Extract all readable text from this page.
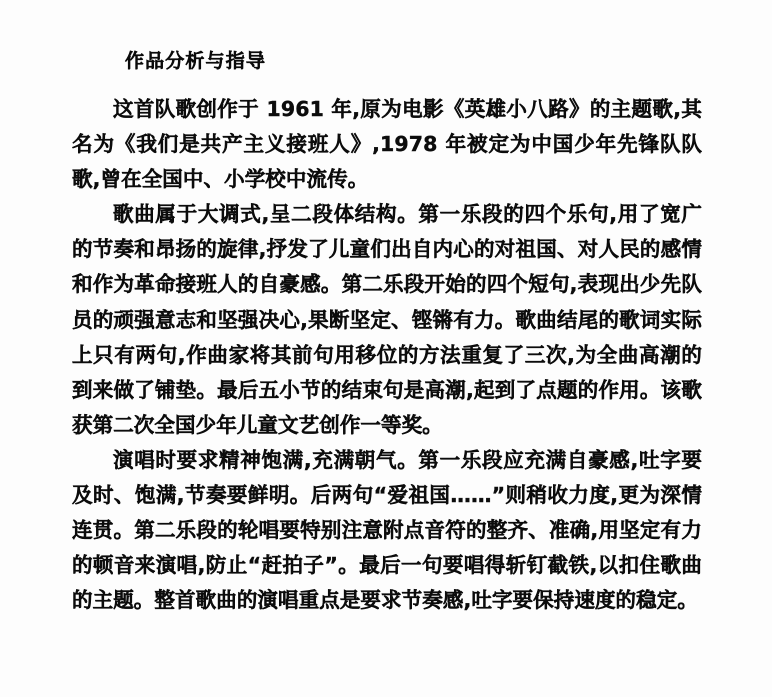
作品分析与指导

这首队歌创作于 1961 年,原为电影《英雄小八路》的主题歌,其名为《我们是共产主义接班人》,1978 年被定为中国少年先锋队队歌,曾在全国中、小学校中流传。

歌曲属于大调式,呈二段体结构。第一乐段的四个乐句,用了宽广的节奏和昂扬的旋律,抒发了儿童们出自内心的对祖国、对人民的感情和作为革命接班人的自豪感。第二乐段开始的四个短句,表现出少先队员的顽强意志和坚强决心,果断坚定、铿锵有力。歌曲结尾的歌词实际上只有两句,作曲家将其前句用移位的方法重复了三次,为全曲高潮的到来做了铺垫。最后五小节的结束句是高潮,起到了点题的作用。该歌获第二次全国少年儿童文艺创作一等奖。

演唱时要求精神饱满,充满朝气。第一乐段应充满自豪感,吐字要及时、饱满,节奏要鲜明。后两句“爱祖国……”则稍收力度,更为深情连贯。第二乐段的轮唱要特别注意附点音符的整齐、准确,用坚定有力的顿音来演唱,防止“赶拍子”。最后一句要唱得斩钉截铁,以扣住歌曲的主题。整首歌曲的演唱重点是要求节奏感,吐字要保持速度的稳定。
